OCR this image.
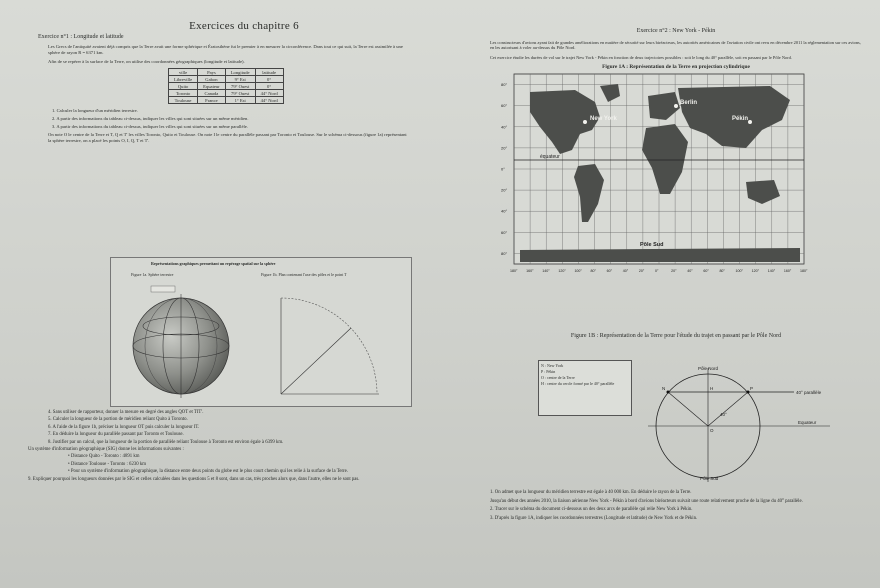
Exercices du chapitre 6
Exercice n°1 : Longitude et latitude

Les Grecs de l'antiquité avaient déjà compris que la Terre avait une forme sphérique et Ératosthène fut le premier à en mesurer la circonférence. Dans tout ce qui suit, la Terre est assimilée à une sphère de rayon R = 6371 km.

Afin de se repérer à la surface de la Terre, on utilise des coordonnées géographiques (longitude et latitude).

ville	Pays	Longitude	latitude
Libreville	Gabon	9° Est	0°
Quito	Equateur	79° Ouest	0°
Toronto	Canada	79° Ouest	44° Nord
Toulouse	France	1° Est	44° Nord
1. Calculer la longueur d'un méridien terrestre.
2. A partir des informations du tableau ci-dessus, indiquer les villes qui sont situées sur un même méridien.
3. A partir des informations du tableau ci-dessus, indiquer les villes qui sont situées sur un même parallèle.

On note O le centre de la Terre et T, Q et T' les villes Toronto, Quito et Toulouse. On note I le centre du parallèle passant par Toronto et Toulouse. Sur le schéma ci-dessous (figure 1a) représentant la sphère terrestre, on a placé les points O, I, Q, T et T'.

Représentations graphiques permettant un repérage spatial sur la sphère
Figure 1a. Sphère terrestre	Figure 1b. Plan contenant l'axe des pôles et le point T

4. Sans utiliser de rapporteur, donner la mesure en degré des angles QOT et TIT'.

5. Calculer la longueur de la portion de méridien reliant Quito à Toronto.

6. A l'aide de la figure 1b, préciser la longueur OT puis calculer la longueur IT.

7. En déduire la longueur du parallèle passant par Toronto et Toulouse.

8. Justifier par un calcul, que la longueur de la portion de parallèle reliant Toulouse à Toronto est environ égale à 6399 km.

Un système d'information géographique (SIG) donne les informations suivantes :

• Distance Quito - Toronto : 4891 km

• Distance Toulouse - Toronto : 6230 km

• Pour un système d'information géographique, la distance entre deux points du globe est le plus court chemin qui les relie à la surface de la Terre.

9. Expliquer pourquoi les longueurs données par le SIG et celles calculées dans les questions 5 et 8 sont, dans un cas, très proches alors que, dans l'autre, elles ne le sont pas.

Exercice n°2 : New York - Pékin

Les constructeurs d'avions ayant fait de grandes améliorations en matière de sécurité sur leurs biréacteurs, les autorités américaines de l'aviation civile ont revu en décembre 2011 la réglementation sur ces avions, en les autorisant à voler au-dessus du Pôle Nord.

Cet exercice étudie les durées de vol sur le trajet New York - Pékin en fonction de deux trajectoires possibles : soit le long du 40° parallèle, soit en passant par le Pôle Nord.

Figure 1A : Représentation de la Terre en projection cylindrique
New York
Berlin
Pékin
équateur
Pôle Sud
80°
60°
40°
20°
0°
20°
40°
60°
80°
180° 160° 140° 120° 100° 80°	60°	40°	20°	0°	20°	40°	60°	80°	100° 120° 140° 160° 180°
Figure 1B : Représentation de la Terre pour l'étude du trajet en passant par le Pôle Nord
N : New York
P : Pékin
O : centre de la Terre
H : centre du cercle formé par le 40° parallèle
Pôle Nord
Pôle Sud
40° parallèle
Equateur
40°
N	P
H
O

1. On admet que la longueur du méridien terrestre est égale à 40 000 km. En déduire le rayon de la Terre.

Jusqu'au début des années 2010, la liaison aérienne New York - Pékin à bord d'avions biréacteurs suivait une route relativement proche de la ligne du 40° parallèle.

2. Tracer sur le schéma du document ci-dessous un des deux arcs de parallèle qui relie New York à Pékin.

3. D'après la figure 1A, indiquer les coordonnées terrestres (Longitude et latitude) de New York et de Pékin.
